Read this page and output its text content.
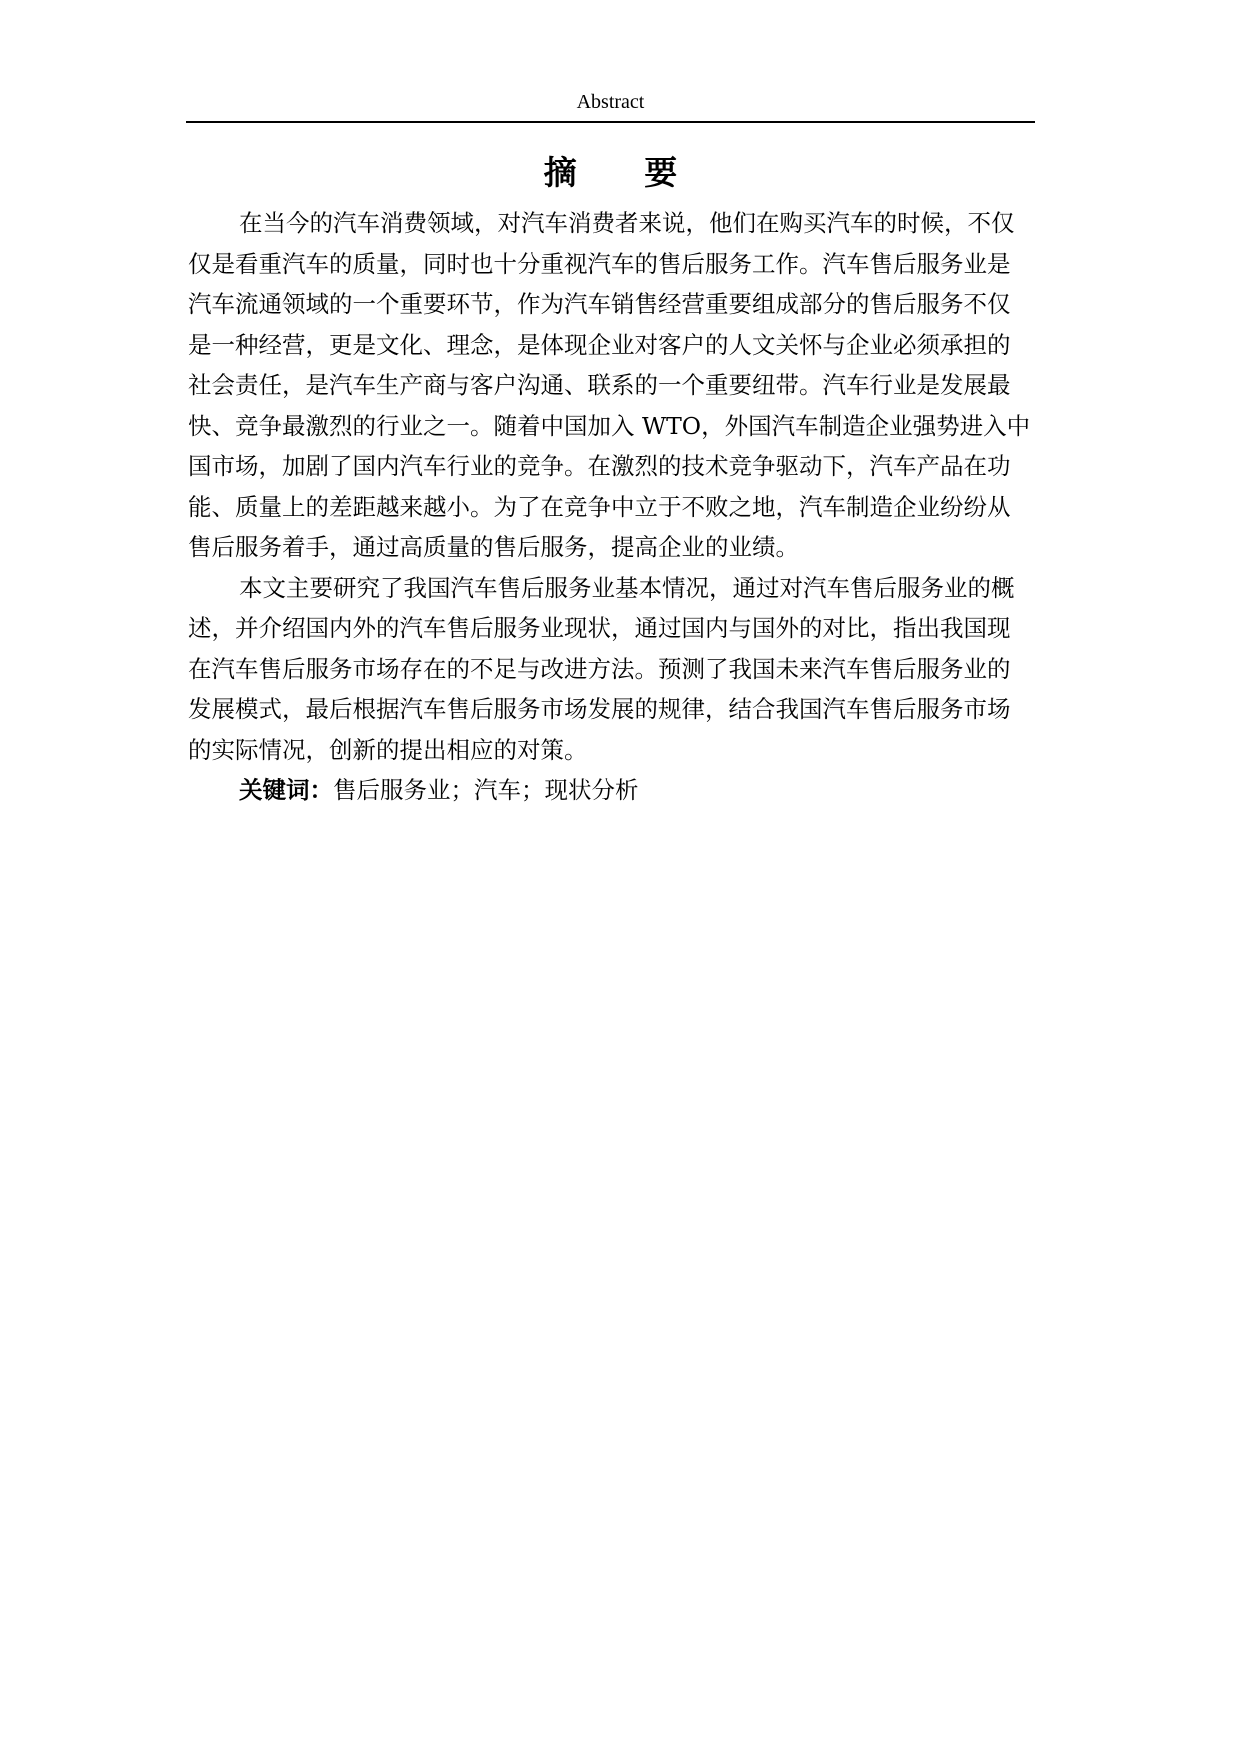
Abstract
摘 要

在当今的汽车消费领域，对汽车消费者来说，他们在购买汽车的时候，不仅
仅是看重汽车的质量，同时也十分重视汽车的售后服务工作。汽车售后服务业是
汽车流通领域的一个重要环节，作为汽车销售经营重要组成部分的售后服务不仅
是一种经营，更是文化、理念，是体现企业对客户的人文关怀与企业必须承担的
社会责任，是汽车生产商与客户沟通、联系的一个重要纽带。汽车行业是发展最
快、竞争最激烈的行业之一。随着中国加入 WTO，外国汽车制造企业强势进入中
国市场，加剧了国内汽车行业的竞争。在激烈的技术竞争驱动下，汽车产品在功
能、质量上的差距越来越小。为了在竞争中立于不败之地，汽车制造企业纷纷从
售后服务着手，通过高质量的售后服务，提高企业的业绩。

本文主要研究了我国汽车售后服务业基本情况，通过对汽车售后服务业的概
述，并介绍国内外的汽车售后服务业现状，通过国内与国外的对比，指出我国现
在汽车售后服务市场存在的不足与改进方法。预测了我国未来汽车售后服务业的
发展模式，最后根据汽车售后服务市场发展的规律，结合我国汽车售后服务市场
的实际情况，创新的提出相应的对策。

关键词：售后服务业；汽车；现状分析
